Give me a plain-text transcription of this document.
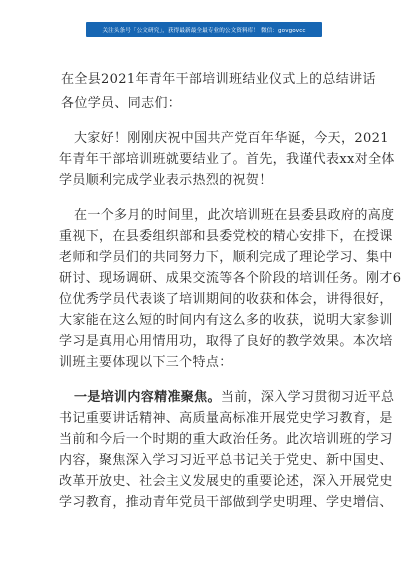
关注头条号「公文研究」，获得最新最全最专业的公文资料库！ 微信：govgovcc
在全县2021年青年干部培训班结业仪式上的总结讲话
各位学员、同志们：
大家好！刚刚庆祝中国共产党百年华诞，今天，2021
年青年干部培训班就要结业了。首先，我谨代表xx对全体
学员顺利完成学业表示热烈的祝贺！
在一个多月的时间里，此次培训班在县委县政府的高度
重视下，在县委组织部和县委党校的精心安排下，在授课
老师和学员们的共同努力下，顺利完成了理论学习、集中
研讨、现场调研、成果交流等各个阶段的培训任务。刚才6
位优秀学员代表谈了培训期间的收获和体会，讲得很好，
大家能在这么短的时间内有这么多的收获，说明大家参训
学习是真用心用情用功，取得了良好的教学效果。本次培
训班主要体现以下三个特点：
一是培训内容精准聚焦。当前，深入学习贯彻习近平总
书记重要讲话精神、高质量高标准开展党史学习教育，是
当前和今后一个时期的重大政治任务。此次培训班的学习
内容，聚焦深入学习习近平总书记关于党史、新中国史、
改革开放史、社会主义发展史的重要论述，深入开展党史
学习教育，推动青年党员干部做到学史明理、学史增信、
